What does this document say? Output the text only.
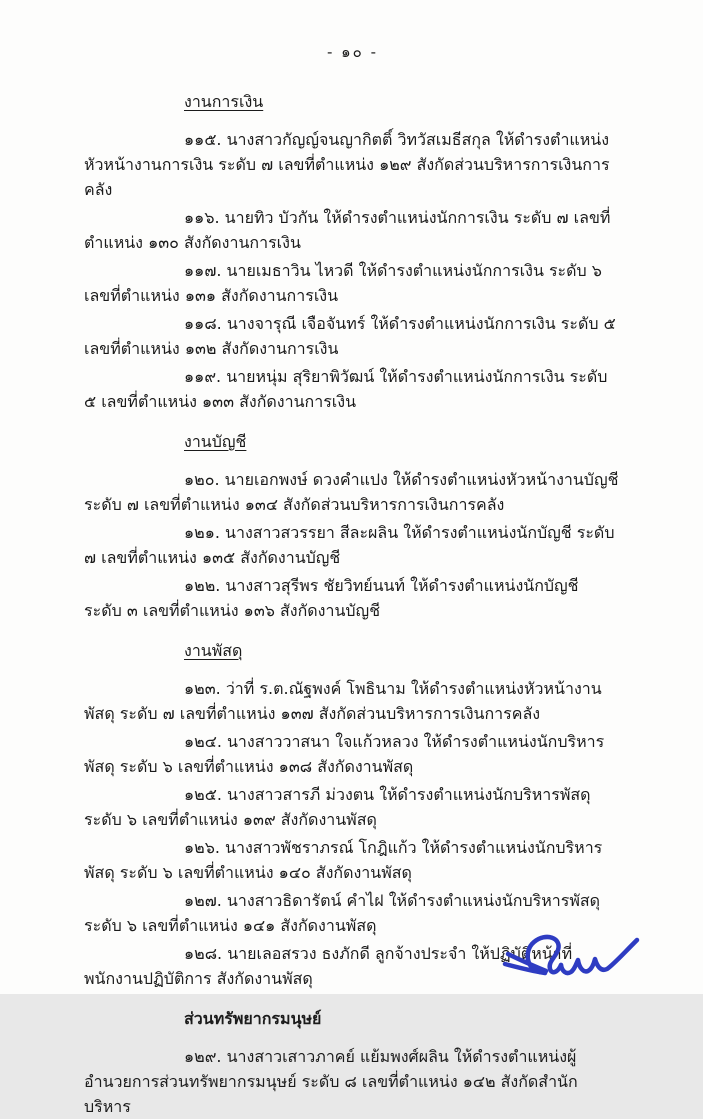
- ๑๐ -
งานการเงิน

๑๑๕. นางสาวกัญญ์จนญากิตติ์ วิทวัสเมธีสกุล ให้ดำรงตำแหน่งหัวหน้างานการเงิน ระดับ ๗ เลขที่ตำแหน่ง ๑๒๙ สังกัดส่วนบริหารการเงินการคลัง

๑๑๖. นายทิว บัวกัน ให้ดำรงตำแหน่งนักการเงิน ระดับ ๗ เลขที่ตำแหน่ง ๑๓๐ สังกัดงานการเงิน

๑๑๗. นายเมธาวิน ไหวดี ให้ดำรงตำแหน่งนักการเงิน ระดับ ๖ เลขที่ตำแหน่ง ๑๓๑ สังกัดงานการเงิน

๑๑๘. นางจารุณี เจือจันทร์ ให้ดำรงตำแหน่งนักการเงิน ระดับ ๕ เลขที่ตำแหน่ง ๑๓๒ สังกัดงานการเงิน

๑๑๙. นายหนุ่ม สุริยาพิวัฒน์ ให้ดำรงตำแหน่งนักการเงิน ระดับ ๕ เลขที่ตำแหน่ง ๑๓๓ สังกัดงานการเงิน

งานบัญชี

๑๒๐. นายเอกพงษ์ ดวงคำแปง ให้ดำรงตำแหน่งหัวหน้างานบัญชี ระดับ ๗ เลขที่ตำแหน่ง ๑๓๔ สังกัดส่วนบริหารการเงินการคลัง

๑๒๑. นางสาวสวรรยา สีละผลิน ให้ดำรงตำแหน่งนักบัญชี ระดับ ๗ เลขที่ตำแหน่ง ๑๓๕ สังกัดงานบัญชี

๑๒๒. นางสาวสุรีพร ชัยวิทย์นนท์ ให้ดำรงตำแหน่งนักบัญชี ระดับ ๓ เลขที่ตำแหน่ง ๑๓๖ สังกัดงานบัญชี

งานพัสดุ

๑๒๓. ว่าที่ ร.ต.ณัฐพงค์ โพธินาม ให้ดำรงตำแหน่งหัวหน้างานพัสดุ ระดับ ๗ เลขที่ตำแหน่ง ๑๓๗ สังกัดส่วนบริหารการเงินการคลัง

๑๒๔. นางสาววาสนา ใจแก้วหลวง ให้ดำรงตำแหน่งนักบริหารพัสดุ ระดับ ๖ เลขที่ตำแหน่ง ๑๓๘ สังกัดงานพัสดุ

๑๒๕. นางสาวสารภี ม่วงตน ให้ดำรงตำแหน่งนักบริหารพัสดุ ระดับ ๖ เลขที่ตำแหน่ง ๑๓๙ สังกัดงานพัสดุ

๑๒๖. นางสาวพัชราภรณ์ โกฎิแก้ว ให้ดำรงตำแหน่งนักบริหารพัสดุ ระดับ ๖ เลขที่ตำแหน่ง ๑๔๐ สังกัดงานพัสดุ

๑๒๗. นางสาวธิดารัตน์ คำไฝ ให้ดำรงตำแหน่งนักบริหารพัสดุ ระดับ ๖ เลขที่ตำแหน่ง ๑๔๑ สังกัดงานพัสดุ

๑๒๘. นายเลอสรวง ธงภักดี ลูกจ้างประจำ ให้ปฏิบัติหน้าที่พนักงานปฏิบัติการ สังกัดงานพัสดุ

ส่วนทรัพยากรมนุษย์

๑๒๙. นางสาวเสาวภาคย์ แย้มพงศ์ผลิน ให้ดำรงตำแหน่งผู้อำนวยการส่วนทรัพยากรมนุษย์ ระดับ ๘ เลขที่ตำแหน่ง ๑๔๒ สังกัดสำนักบริหาร
